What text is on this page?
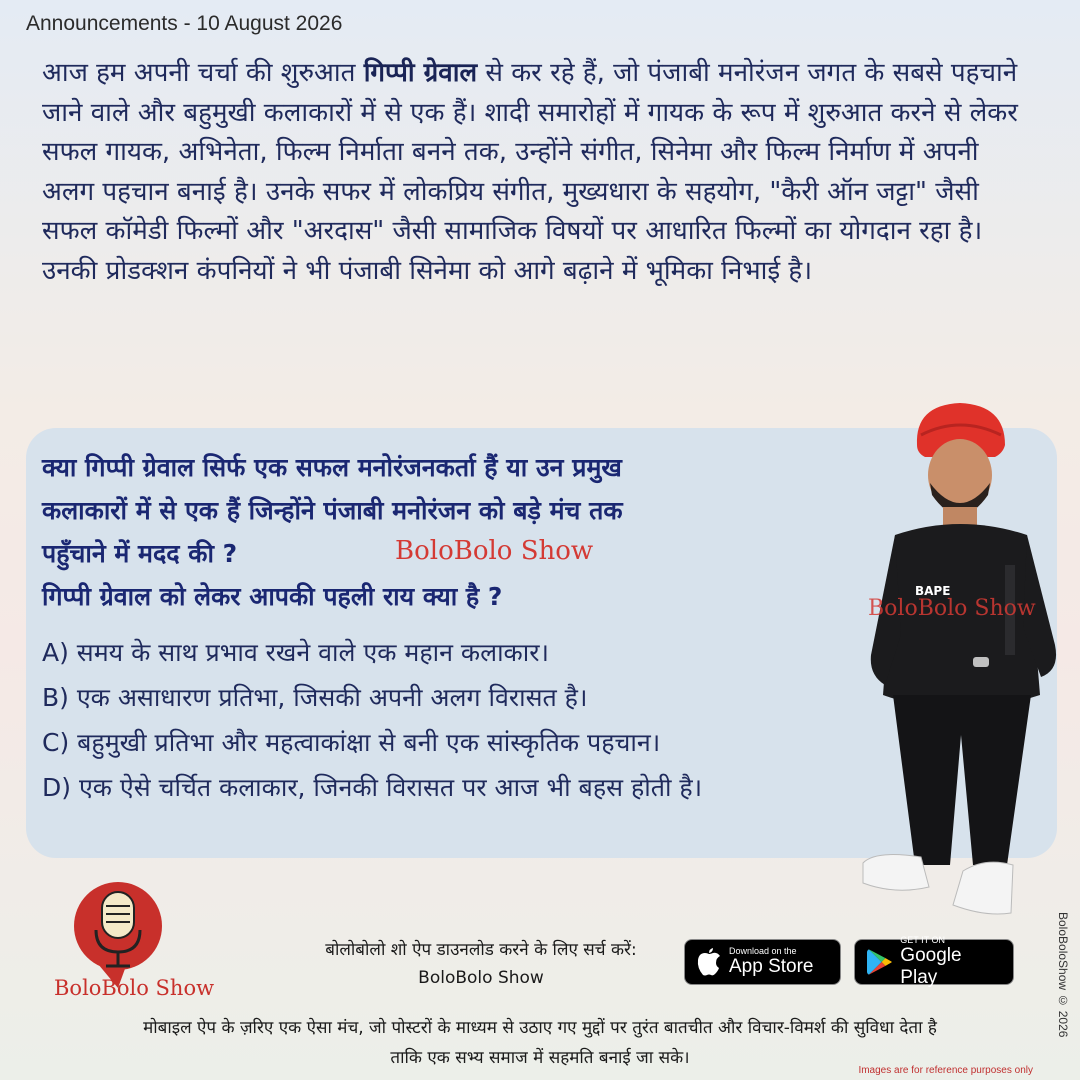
Announcements - 10 August 2026
आज हम अपनी चर्चा की शुरुआत गिप्पी ग्रेवाल से कर रहे हैं, जो पंजाबी मनोरंजन जगत के सबसे पहचाने जाने वाले और बहुमुखी कलाकारों में से एक हैं। शादी समारोहों में गायक के रूप में शुरुआत करने से लेकर सफल गायक, अभिनेता, फिल्म निर्माता बनने तक, उन्होंने संगीत, सिनेमा और फिल्म निर्माण में अपनी अलग पहचान बनाई है। उनके सफर में लोकप्रिय संगीत, मुख्यधारा के सहयोग, "कैरी ऑन जट्टा" जैसी सफल कॉमेडी फिल्मों और "अरदास" जैसी सामाजिक विषयों पर आधारित फिल्मों का योगदान रहा है। उनकी प्रोडक्शन कंपनियों ने भी पंजाबी सिनेमा को आगे बढ़ाने में भूमिका निभाई है।
क्या गिप्पी ग्रेवाल सिर्फ एक सफल मनोरंजनकर्ता हैं या उन प्रमुख
कलाकारों में से एक हैं जिन्होंने पंजाबी मनोरंजन को बड़े मंच तक
पहुँचाने में मदद की ?
गिप्पी ग्रेवाल को लेकर आपकी पहली राय क्या है ?
BoloBolo Show
A) समय के साथ प्रभाव रखने वाले एक महान कलाकार।
B) एक असाधारण प्रतिभा, जिसकी अपनी अलग विरासत है।
C) बहुमुखी प्रतिभा और महत्वाकांक्षा से बनी एक सांस्कृतिक पहचान।
D) एक ऐसे चर्चित कलाकार, जिनकी विरासत पर आज भी बहस होती है।
BAPE
BoloBolo Show
BoloBolo Show
बोलोबोलो शो ऐप डाउनलोड करने के लिए सर्च करें:
BoloBolo Show
Download on the
App Store
GET IT ON
Google Play	BoloBoloShow © 2026
मोबाइल ऐप के ज़रिए एक ऐसा मंच, जो पोस्टरों के माध्यम से उठाए गए मुद्दों पर तुरंत बातचीत और विचार-विमर्श की सुविधा देता है
ताकि एक सभ्य समाज में सहमति बनाई जा सके।
Images are for reference purposes only
